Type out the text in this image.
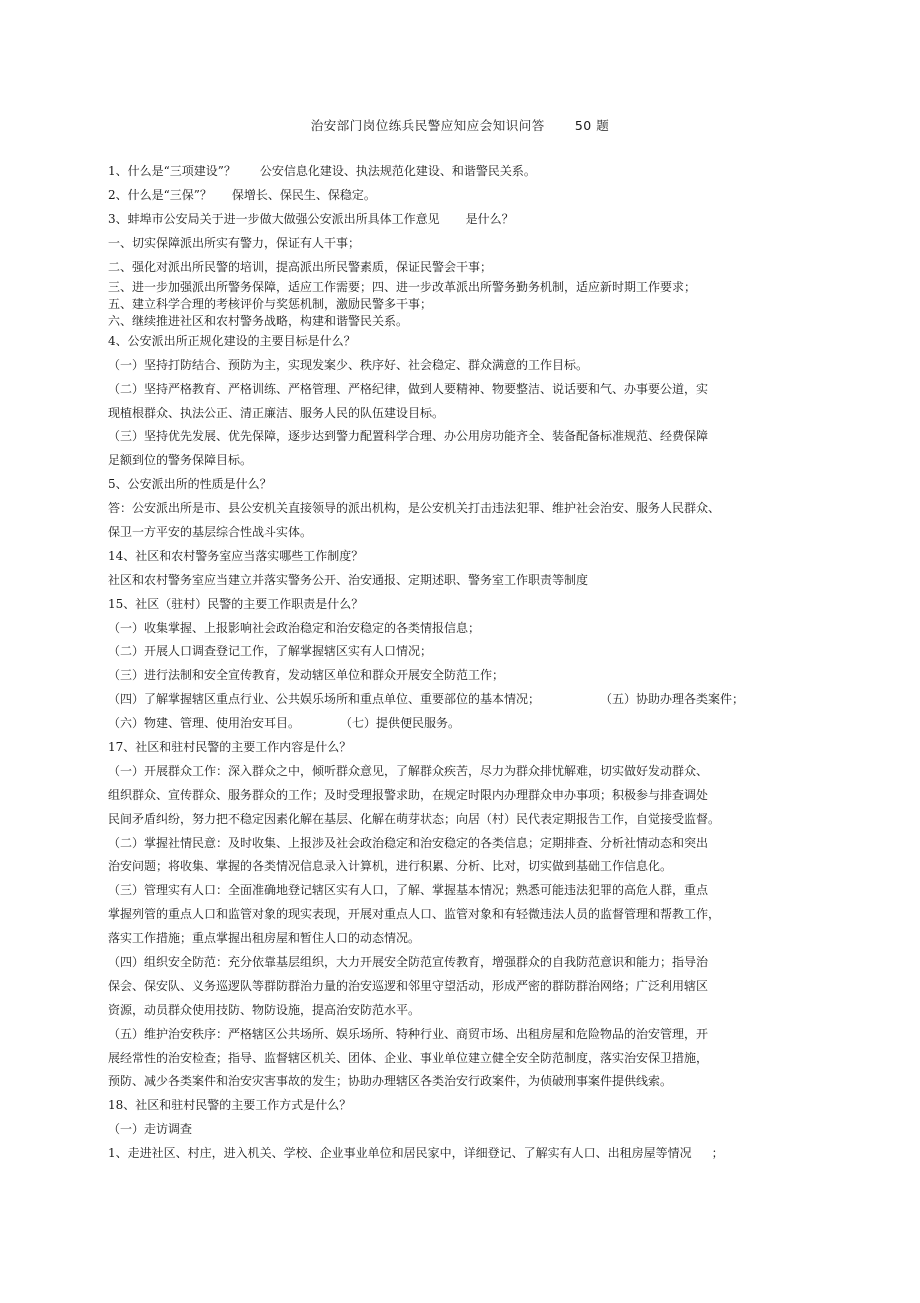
治安部门岗位练兵民警应知应会知识问答 50 题
1、什么是“三项建设”？ 公安信息化建设、执法规范化建设、和谐警民关系。
2、什么是“三保”？ 保增长、保民生、保稳定。
3、蚌埠市公安局关于进一步做大做强公安派出所具体工作意见 是什么？
一、切实保障派出所实有警力，保证有人干事；
二、强化对派出所民警的培训，提高派出所民警素质，保证民警会干事；
三、进一步加强派出所警务保障，适应工作需要；四、进一步改革派出所警务勤务机制，适应新时期工作要求；
五、建立科学合理的考核评价与奖惩机制，激励民警多干事；
六、继续推进社区和农村警务战略，构建和谐警民关系。
4、公安派出所正规化建设的主要目标是什么？
（一）坚持打防结合、预防为主，实现发案少、秩序好、社会稳定、群众满意的工作目标。
（二）坚持严格教育、严格训练、严格管理、严格纪律，做到人要精神、物要整洁、说话要和气、办事要公道，实
现植根群众、执法公正、清正廉洁、服务人民的队伍建设目标。
（三）坚持优先发展、优先保障，逐步达到警力配置科学合理、办公用房功能齐全、装备配备标准规范、经费保障
足额到位的警务保障目标。
5、公安派出所的性质是什么？
答：公安派出所是市、县公安机关直接领导的派出机构，是公安机关打击违法犯罪、维护社会治安、服务人民群众、
保卫一方平安的基层综合性战斗实体。
14、社区和农村警务室应当落实哪些工作制度？
社区和农村警务室应当建立并落实警务公开、治安通报、定期述职、警务室工作职责等制度
15、社区（驻村）民警的主要工作职责是什么？
（一）收集掌握、上报影响社会政治稳定和治安稳定的各类情报信息；
（二）开展人口调查登记工作，了解掌握辖区实有人口情况；
（三）进行法制和安全宣传教育，发动辖区单位和群众开展安全防范工作；
（四）了解掌握辖区重点行业、公共娱乐场所和重点单位、重要部位的基本情况；	（五）协助办理各类案件；
（六）物建、管理、使用治安耳目。	（七）提供便民服务。
17、社区和驻村民警的主要工作内容是什么？
（一）开展群众工作：深入群众之中，倾听群众意见，了解群众疾苦，尽力为群众排忧解难，切实做好发动群众、
组织群众、宣传群众、服务群众的工作；及时受理报警求助，在规定时限内办理群众申办事项；积极参与排查调处
民间矛盾纠纷，努力把不稳定因素化解在基层、化解在萌芽状态；向居（村）民代表定期报告工作，自觉接受监督。
（二）掌握社情民意：及时收集、上报涉及社会政治稳定和治安稳定的各类信息；定期排查、分析社情动态和突出
治安问题；将收集、掌握的各类情况信息录入计算机，进行积累、分析、比对，切实做到基础工作信息化。
（三）管理实有人口：全面准确地登记辖区实有人口，了解、掌握基本情况；熟悉可能违法犯罪的高危人群，重点
掌握列管的重点人口和监管对象的现实表现，开展对重点人口、监管对象和有轻微违法人员的监督管理和帮教工作，
落实工作措施；重点掌握出租房屋和暂住人口的动态情况。
（四）组织安全防范：充分依靠基层组织，大力开展安全防范宣传教育，增强群众的自我防范意识和能力；指导治
保会、保安队、义务巡逻队等群防群治力量的治安巡逻和邻里守望活动，形成严密的群防群治网络；广泛利用辖区
资源，动员群众使用技防、物防设施，提高治安防范水平。
（五）维护治安秩序：严格辖区公共场所、娱乐场所、特种行业、商贸市场、出租房屋和危险物品的治安管理，开
展经常性的治安检查；指导、监督辖区机关、团体、企业、事业单位建立健全安全防范制度，落实治安保卫措施，
预防、减少各类案件和治安灾害事故的发生；协助办理辖区各类治安行政案件，为侦破刑事案件提供线索。
18、社区和驻村民警的主要工作方式是什么？
（一）走访调查
1、走进社区、村庄，进入机关、学校、企业事业单位和居民家中，详细登记、了解实有人口、出租房屋等情况 ；
